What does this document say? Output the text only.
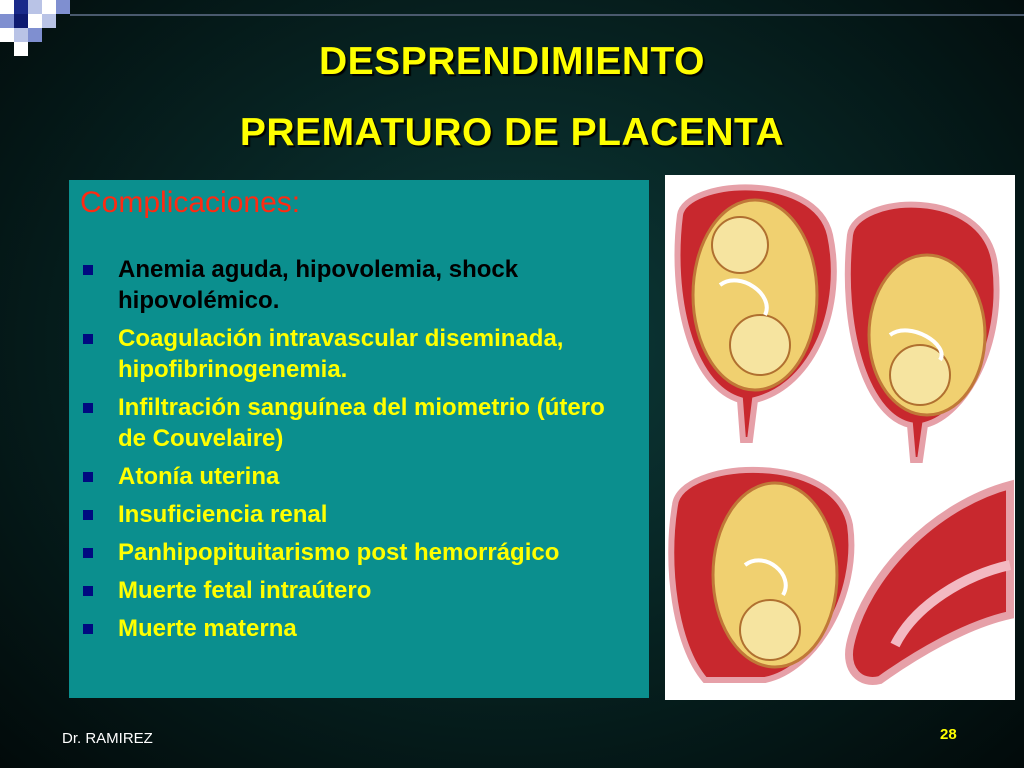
DESPRENDIMIENTO
PREMATURO DE PLACENTA
Complicaciones:
Anemia aguda, hipovolemia, shock hipovolémico.
Coagulación intravascular diseminada, hipofibrinogenemia.
Infiltración sanguínea del miometrio (útero de Couvelaire)
Atonía uterina
Insuficiencia renal
Panhipopituitarismo post hemorrágico
Muerte fetal intraútero
Muerte materna
Dr. RAMIREZ	28
